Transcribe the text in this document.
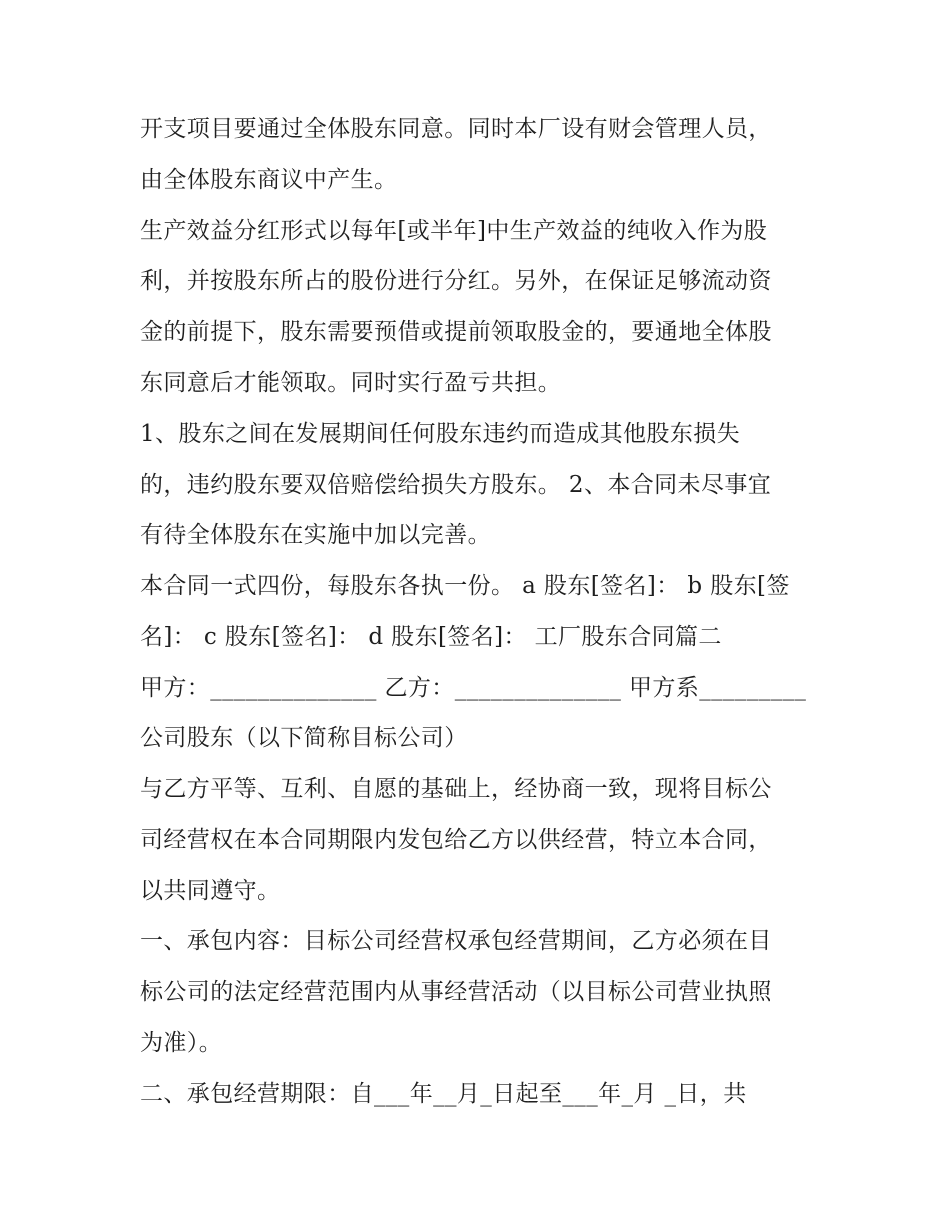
开支项目要通过全体股东同意。同时本厂设有财会管理人员，

由全体股东商议中产生。

生产效益分红形式以每年[或半年]中生产效益的纯收入作为股

利，并按股东所占的股份进行分红。另外，在保证足够流动资

金的前提下，股东需要预借或提前领取股金的，要通地全体股

东同意后才能领取。同时实行盈亏共担。

1、股东之间在发展期间任何股东违约而造成其他股东损失

的，违约股东要双倍赔偿给损失方股东。 2、本合同未尽事宜

有待全体股东在实施中加以完善。

本合同一式四份，每股东各执一份。 a 股东[签名]： b 股东[签

名]： c 股东[签名]： d 股东[签名]： 工厂股东合同篇二

甲方：______________ 乙方：______________ 甲方系_________

公司股东（以下简称目标公司）

与乙方平等、互利、自愿的基础上，经协商一致，现将目标公

司经营权在本合同期限内发包给乙方以供经营，特立本合同，

以共同遵守。

一、承包内容：目标公司经营权承包经营期间，乙方必须在目

标公司的法定经营范围内从事经营活动（以目标公司营业执照

为准）。

二、承包经营期限：自___年__月_日起至___年_月 _日，共
